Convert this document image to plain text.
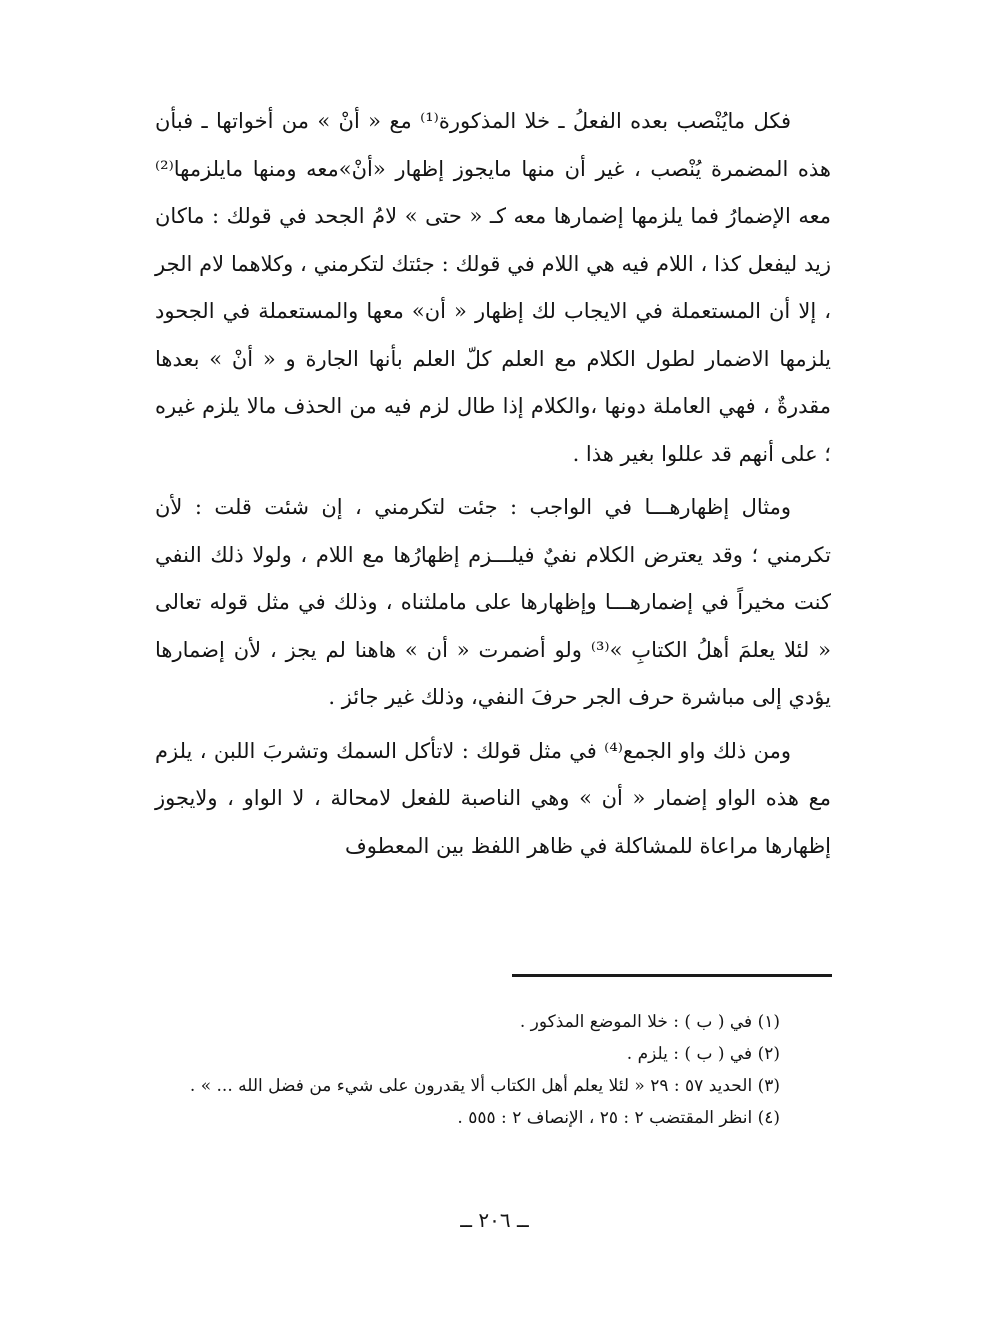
فكل مايُنْصب بعده الفعلُ ـ خلا المذكورة⁽¹⁾ مع « أنْ » من أخواتها ـ فبأن هذه المضمرة يُنْصب ، غير أن منها مايجوز إظهار «أنْ»معه ومنها مايلزمها⁽²⁾ معه الإضمارُ فما يلزمها إضمارها معه كـ « حتى » لامُ الجحد في قولك : ماكان زيد ليفعل كذا ، اللام فيه هي اللام في قولك : جئتك لتكرمني ، وكلاهما لام الجر ، إلا أن المستعملة في الايجاب لك إظهار « أن» معها والمستعملة في الجحود يلزمها الاضمار لطول الكلام مع العلم كلّ العلم بأنها الجارة و « أنْ » بعدها مقدرةٌ ، فهي العاملة دونها ،والكلام إذا طال لزم فيه من الحذف مالا يلزم غيره ؛ على أنهم قد عللوا بغير هذا .

ومثال إظهارهـــا في الواجب : جئت لتكرمني ، إن شئت قلت : لأن تكرمني ؛ وقد يعترض الكلام نفيٌ فيلـــزم إظهارُها مع اللام ، ولولا ذلك النفي كنت مخيراً في إضمارهـــا وإظهارها على ماملثناه ، وذلك في مثل قوله تعالى « لئلا يعلمَ أهلُ الكتابِ »⁽³⁾ ولو أضمرت « أن » هاهنا لم يجز ، لأن إضمارها يؤدي إلى مباشرة حرف الجر حرفَ النفي، وذلك غير جائز .

ومن ذلك واو الجمع⁽⁴⁾ في مثل قولك : لاتأكل السمك وتشربَ اللبن ، يلزم مع هذه الواو إضمار « أن » وهي الناصبة للفعل لامحالة ، لا الواو ، ولايجوز إظهارها مراعاة للمشاكلة في ظاهر اللفظ بين المعطوف

(١) في ( ب ) : خلا الموضع المذكور .

(٢) في ( ب ) : يلزم .

(٣) الحديد ٥٧ : ٢٩ « لئلا يعلم أهل الكتاب ألا يقدرون على شيء من فضل الله ... » .

(٤) انظر المقتضب ٢ : ٢٥ ، الإنصاف ٢ : ٥٥٥ .

ــ ٢٠٦ ــ
